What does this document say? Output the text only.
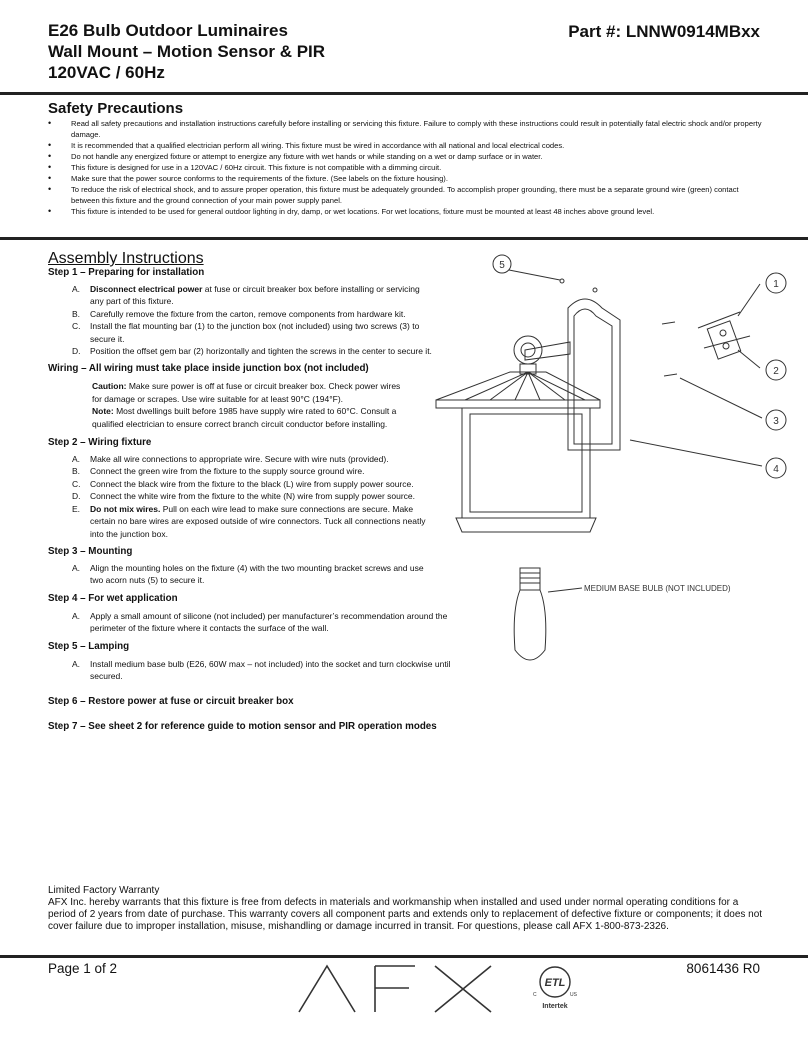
E26 Bulb Outdoor Luminaires
Wall Mount – Motion Sensor & PIR
120VAC / 60Hz
Part #: LNNW0914MBxx
Safety Precautions
• Read all safety precautions and installation instructions carefully before installing or servicing this fixture. Failure to comply with these instructions could result in potentially fatal electric shock and/or property damage.
• It is recommended that a qualified electrician perform all wiring. This fixture must be wired in accordance with all national and local electrical codes.
• Do not handle any energized fixture or attempt to energize any fixture with wet hands or while standing on a wet or damp surface or in water.
• This fixture is designed for use in a 120VAC / 60Hz circuit. This fixture is not compatible with a dimming circuit.
• Make sure that the power source conforms to the requirements of the fixture. (See labels on the fixture housing).
• To reduce the risk of electrical shock, and to assure proper operation, this fixture must be adequately grounded. To accomplish proper grounding, there must be a separate ground wire (green) contact between this fixture and the ground connection of your main power supply panel.
• This fixture is intended to be used for general outdoor lighting in dry, damp, or wet locations. For wet locations, fixture must be mounted at least 48 inches above ground level.
Assembly Instructions
Step 1 – Preparing for installation
A. Disconnect electrical power at fuse or circuit breaker box before installing or servicing any part of this fixture.
B. Carefully remove the fixture from the carton, remove components from hardware kit.
C. Install the flat mounting bar (1) to the junction box (not included) using two screws (3) to secure it.
D. Position the offset gem bar (2) horizontally and tighten the screws in the center to secure it.
Wiring – All wiring must take place inside junction box (not included)
Caution: Make sure power is off at fuse or circuit breaker box. Check power wires for damage or scrapes. Use wire suitable for at least 90°C (194°F).
Note: Most dwellings built before 1985 have supply wire rated to 60°C. Consult a qualified electrician to ensure correct branch circuit conductor before installing.
Step 2 – Wiring fixture
A. Make all wire connections to appropriate wire. Secure with wire nuts (provided).
B. Connect the green wire from the fixture to the supply source ground wire.
C. Connect the black wire from the fixture to the black (L) wire from supply power source.
D. Connect the white wire from the fixture to the white (N) wire from supply power source.
E. Do not mix wires. Pull on each wire lead to make sure connections are secure. Make certain no bare wires are exposed outside of wire connectors. Tuck all connections neatly into the junction box.
Step 3 – Mounting
A. Align the mounting holes on the fixture (4) with the two mounting bracket screws and use two acorn nuts (5) to secure it.
Step 4 – For wet application
A. Apply a small amount of silicone (not included) per manufacturer’s recommendation around the perimeter of the fixture where it contacts the surface of the wall.
Step 5 – Lamping
A. Install medium base bulb (E26, 60W max – not included) into the socket and turn clockwise until secured.
Step 6 – Restore power at fuse or circuit breaker box
Step 7 – See sheet 2 for reference guide to motion sensor and PIR operation modes
5
1
2
3
4
MEDIUM BASE BULB (NOT INCLUDED)
Limited Factory Warranty
AFX Inc. hereby warrants that this fixture is free from defects in materials and workmanship when installed and used under normal operating conditions for a period of 2 years from date of purchase. This warranty covers all component parts and extends only to replacement of defective fixture or components; it does not cover failure due to improper installation, misuse, mishandling or damage incurred in transit. For questions, please call AFX 1-800-873-2326.
Page 1 of 2	8061436 R0
ETL
C	US
Intertek
